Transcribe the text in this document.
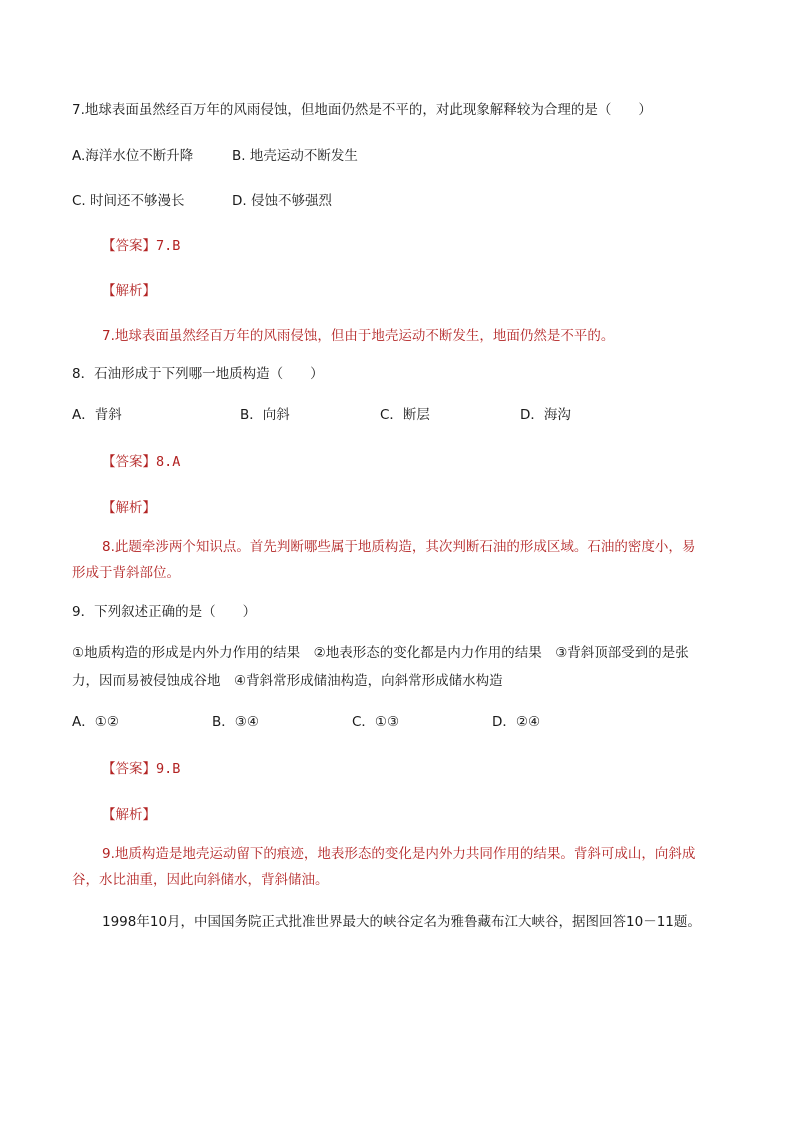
7.地球表面虽然经百万年的风雨侵蚀，但地面仍然是不平的，对此现象解释较为合理的是（　　）
A.海洋水位不断升降	B. 地壳运动不断发生
C. 时间还不够漫长	D. 侵蚀不够强烈
【答案】7.B
【解析】
7.地球表面虽然经百万年的风雨侵蚀，但由于地壳运动不断发生，地面仍然是不平的。
8．石油形成于下列哪一地质构造（　　）
A．背斜	B．向斜	C．断层	D．海沟
【答案】8.A
【解析】
8.此题牵涉两个知识点。首先判断哪些属于地质构造，其次判断石油的形成区域。石油的密度小，易
形成于背斜部位。
9．下列叙述正确的是（　　）
①地质构造的形成是内外力作用的结果　②地表形态的变化都是内力作用的结果　③背斜顶部受到的是张
力，因而易被侵蚀成谷地　④背斜常形成储油构造，向斜常形成储水构造
A．①②	B．③④	C．①③	D．②④
【答案】9.B
【解析】
9.地质构造是地壳运动留下的痕迹，地表形态的变化是内外力共同作用的结果。背斜可成山，向斜成
谷，水比油重，因此向斜储水，背斜储油。
1998年10月，中国国务院正式批准世界最大的峡谷定名为雅鲁藏布江大峡谷，据图回答10－11题。
